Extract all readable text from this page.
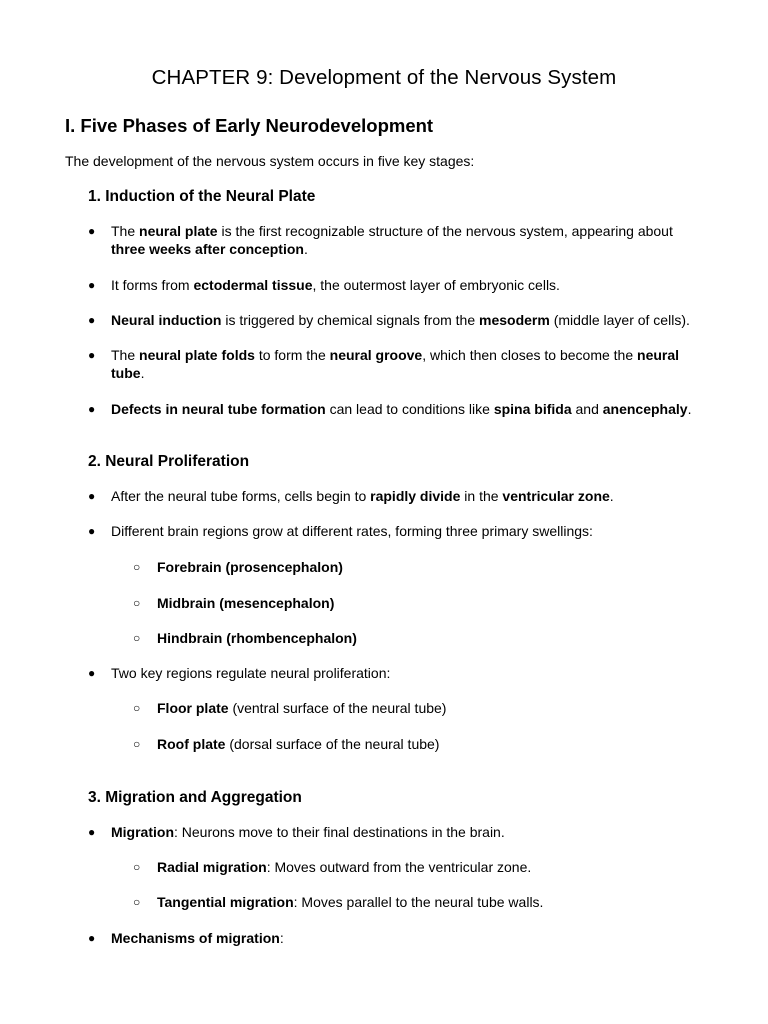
CHAPTER 9: Development of the Nervous System
I. Five Phases of Early Neurodevelopment

The development of the nervous system occurs in five key stages:

1. Induction of the Neural Plate
2. Neural Proliferation
3. Migration and Aggregation
● The neural plate is the first recognizable structure of the nervous system, appearing about
three weeks after conception.
● It forms from ectodermal tissue, the outermost layer of embryonic cells.
● Neural induction is triggered by chemical signals from the mesoderm (middle layer of cells).
● The neural plate folds to form the neural groove, which then closes to become the neural
tube.
● Defects in neural tube formation can lead to conditions like spina bifida and anencephaly.
● After the neural tube forms, cells begin to rapidly divide in the ventricular zone.
● Different brain regions grow at different rates, forming three primary swellings:
○ Forebrain (prosencephalon)
○ Midbrain (mesencephalon)
○ Hindbrain (rhombencephalon)
● Two key regions regulate neural proliferation:
○ Floor plate (ventral surface of the neural tube)
○ Roof plate (dorsal surface of the neural tube)
● Migration: Neurons move to their final destinations in the brain.
○ Radial migration: Moves outward from the ventricular zone.
○ Tangential migration: Moves parallel to the neural tube walls.
● Mechanisms of migration:
